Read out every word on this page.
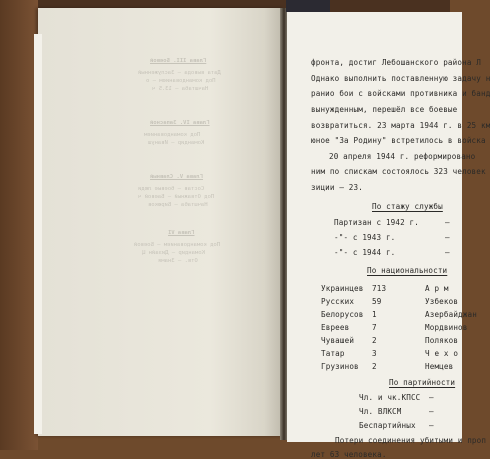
Глава III. Боевой
Дата вывода — Заслуженный
Под командованием — о
Начштаба — 13.5 ч
Глава IV. Запасной
Под командованием
Командир — Ивануш
Глава V. Славный
Состав — боевые люди
Под Отважный — Баевой ч
Начштаба — Бирюков
Глава VI
Под командованием — Боевой
Командир — Дизайн Ц
Отв. — Знамя
фронта, достиг Лебошанского района Л
Однако выполнить поставленную задачу н
ранио бои с войсками противника и банд
вынужденным, перешёл все боевые
возвратиться. 23 марта 1944 г. в 25 км
юное "За Родину" встретилось в войска
20 апреля 1944 г. реформировано
ним по спискам состоялось 323 человек
зиции — 23.
По стажу службы
Партизан с 1942 г.	–
-"- с 1943 г.	–
-"- с 1944 г.	–
По национальности
Украинцев 713	А р м
Русских 59	Узбеков
Белорусов 1	Азербайджан
Евреев	7	Мордвинов
Чувашей 2	Поляков
Татар	3	Ч е х о
Грузинов 2	Немцев
По партийности
Чл. и чк.КПСС –
Чл. ВЛКСМ	–
Беспартийных –
Потери соединения убитыми и проп
лет 63 человека.
